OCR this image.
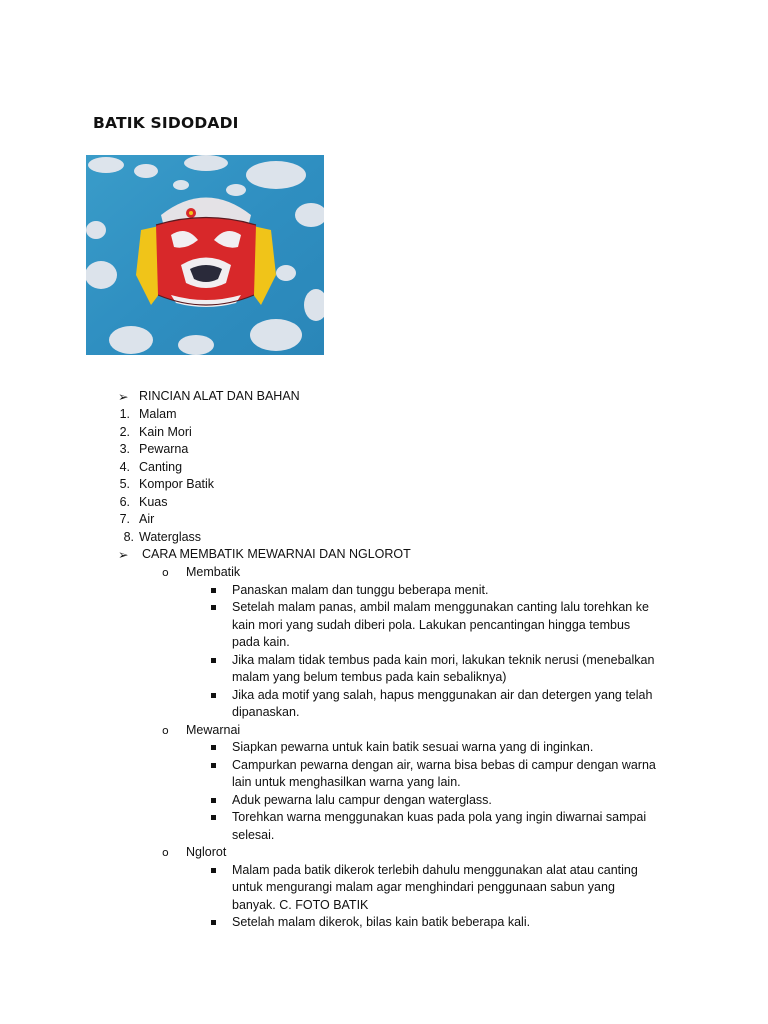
BATIK SIDODADI
➢ RINCIAN ALAT DAN BAHAN
1. Malam
2. Kain Mori
3. Pewarna
4. Canting
5. Kompor Batik
6. Kuas
7. Air
8. Waterglass
➢ CARA MEMBATIK MEWARNAI DAN NGLOROT
o Membatik
Panaskan malam dan tunggu beberapa menit.
Setelah malam panas, ambil malam menggunakan canting lalu torehkan ke
kain mori yang sudah diberi pola. Lakukan pencantingan hingga tembus
pada kain.
Jika malam tidak tembus pada kain mori, lakukan teknik nerusi (menebalkan
malam yang belum tembus pada kain sebaliknya)
Jika ada motif yang salah, hapus menggunakan air dan detergen yang telah
dipanaskan.
o Mewarnai
Siapkan pewarna untuk kain batik sesuai warna yang di inginkan.
Campurkan pewarna dengan air, warna bisa bebas di campur dengan warna
lain untuk menghasilkan warna yang lain.
Aduk pewarna lalu campur dengan waterglass.
Torehkan warna menggunakan kuas pada pola yang ingin diwarnai sampai
selesai.
o Nglorot
Malam pada batik dikerok terlebih dahulu menggunakan alat atau canting
untuk mengurangi malam agar menghindari penggunaan sabun yang
banyak. C. FOTO BATIK
Setelah malam dikerok, bilas kain batik beberapa kali.
